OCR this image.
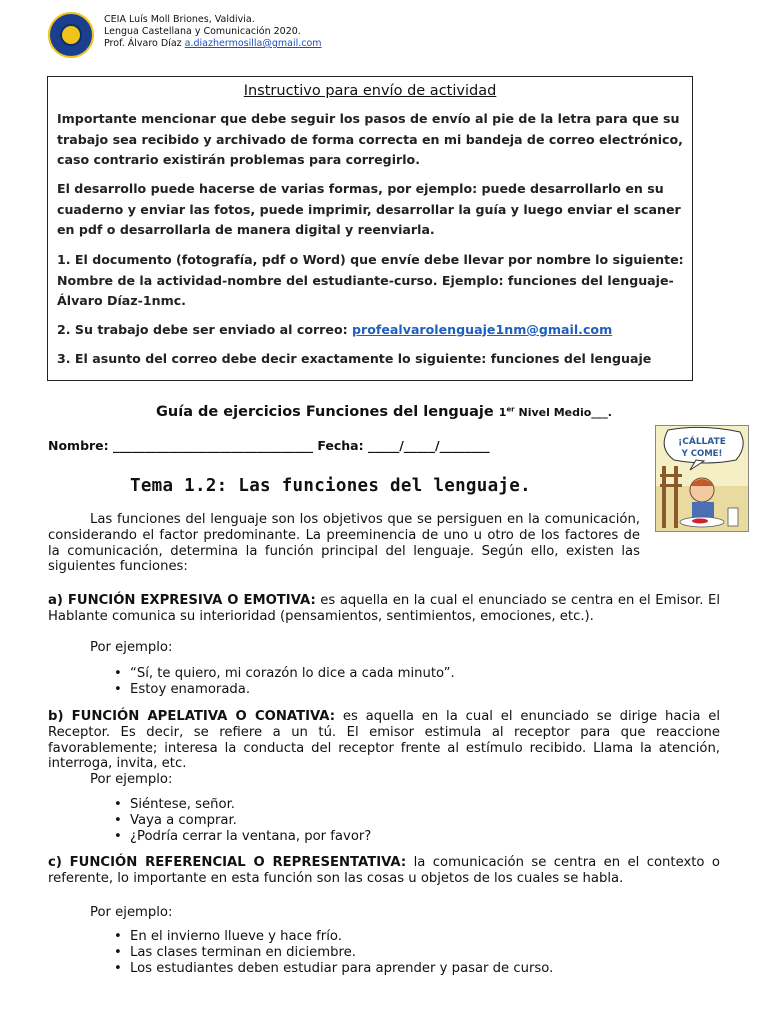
CEIA Luís Moll Briones, Valdivia.
Lengua Castellana y Comunicación 2020.
Prof. Álvaro Díaz a.diazhermosilla@gmail.com
Instructivo para envío de actividad

Importante mencionar que debe seguir los pasos de envío al pie de la letra para que su trabajo sea recibido y archivado de forma correcta en mi bandeja de correo electrónico, caso contrario existirán problemas para corregirlo.

El desarrollo puede hacerse de varias formas, por ejemplo: puede desarrollarlo en su cuaderno y enviar las fotos, puede imprimir, desarrollar la guía y luego enviar el scaner en pdf o desarrollarla de manera digital y reenviarla.

1. El documento (fotografía, pdf o Word) que envíe debe llevar por nombre lo siguiente: Nombre de la actividad-nombre del estudiante-curso. Ejemplo: funciones del lenguaje-Álvaro Díaz-1nmc.

2. Su trabajo debe ser enviado al correo: profealvarolenguaje1nm@gmail.com

3. El asunto del correo debe decir exactamente lo siguiente: funciones del lenguaje

Guía de ejercicios Funciones del lenguaje 1er Nivel Medio___.
Nombre: ________________________________ Fecha: _____/_____/________	¡CÁLLATE
Y COME!
Tema 1.2: Las funciones del lenguaje.
Las funciones del lenguaje son los objetivos que se persiguen en la comunicación, considerando el factor predominante. La preeminencia de uno u otro de los factores de la comunicación, determina la función principal del lenguaje. Según ello, existen las siguientes funciones:
a) FUNCIÓN EXPRESIVA O EMOTIVA: es aquella en la cual el enunciado se centra en el Emisor. El Hablante comunica su interioridad (pensamientos, sentimientos, emociones, etc.).
Por ejemplo:
• “Sí, te quiero, mi corazón lo dice a cada minuto”.
• Estoy enamorada.
b) FUNCIÓN APELATIVA O CONATIVA: es aquella en la cual el enunciado se dirige hacia el Receptor. Es decir, se refiere a un tú. El emisor estimula al receptor para que reaccione favorablemente; interesa la conducta del receptor frente al estímulo recibido. Llama la atención, interroga, invita, etc.
Por ejemplo:
• Siéntese, señor.
• Vaya a comprar.
• ¿Podría cerrar la ventana, por favor?
c) FUNCIÓN REFERENCIAL O REPRESENTATIVA: la comunicación se centra en el contexto o referente, lo importante en esta función son las cosas u objetos de los cuales se habla.
Por ejemplo:
• En el invierno llueve y hace frío.
• Las clases terminan en diciembre.
• Los estudiantes deben estudiar para aprender y pasar de curso.
